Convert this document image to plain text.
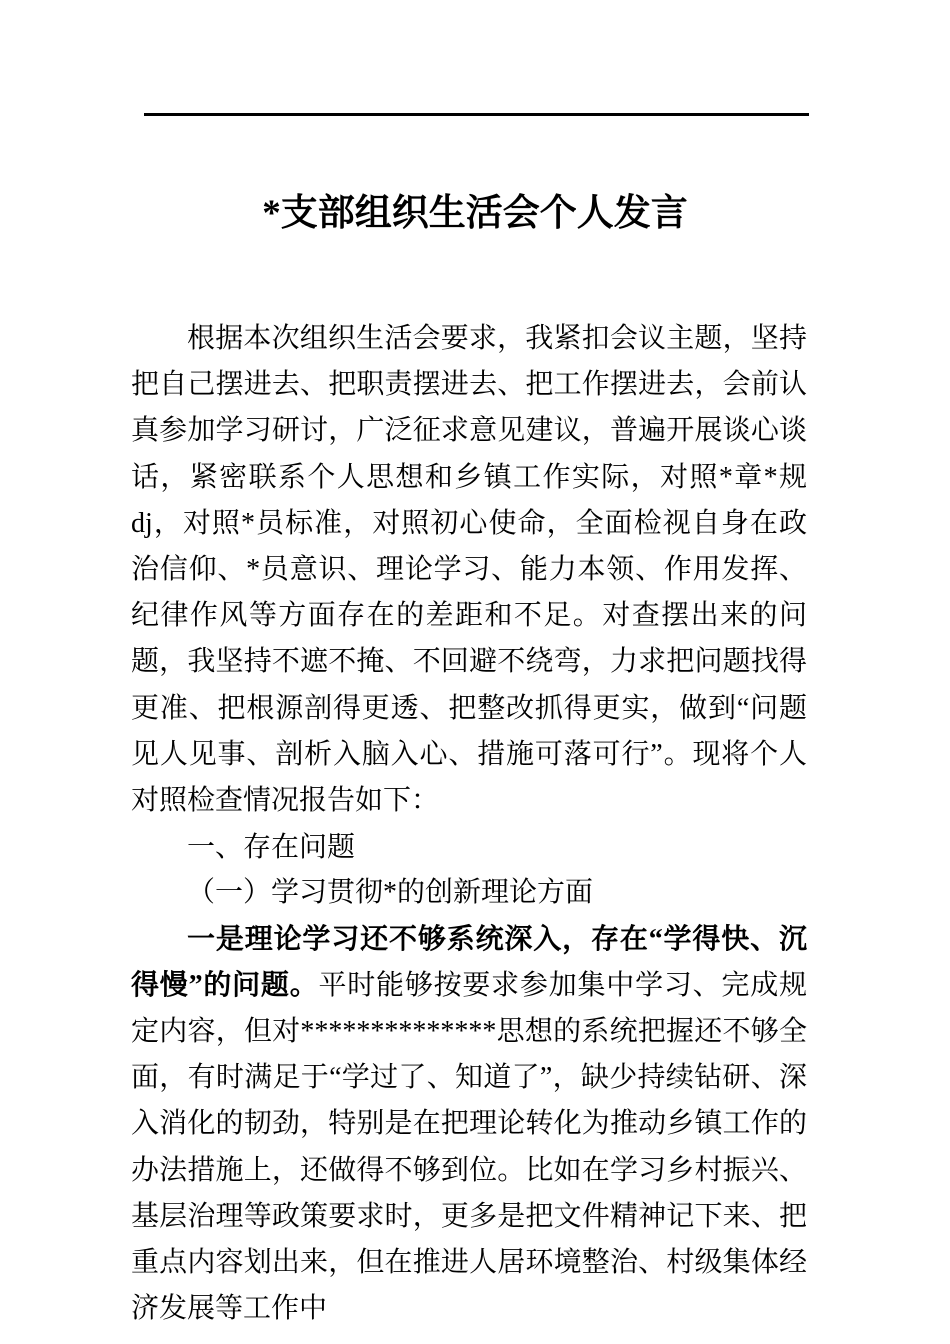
*支部组织生活会个人发言

根据本次组织生活会要求，我紧扣会议主题，坚持把自己摆进去、把职责摆进去、把工作摆进去，会前认真参加学习研讨，广泛征求意见建议，普遍开展谈心谈话，紧密联系个人思想和乡镇工作实际，对照*章*规dj，对照*员标准，对照初心使命，全面检视自身在政治信仰、*员意识、理论学习、能力本领、作用发挥、纪律作风等方面存在的差距和不足。对查摆出来的问题，我坚持不遮不掩、不回避不绕弯，力求把问题找得更准、把根源剖得更透、把整改抓得更实，做到“问题见人见事、剖析入脑入心、措施可落可行”。现将个人对照检查情况报告如下：

一、存在问题
（一）学习贯彻*的创新理论方面

一是理论学习还不够系统深入，存在“学得快、沉得慢”的问题。平时能够按要求参加集中学习、完成规定内容，但对**************思想的系统把握还不够全面，有时满足于“学过了、知道了”，缺少持续钻研、深入消化的韧劲，特别是在把理论转化为推动乡镇工作的办法措施上，还做得不够到位。比如在学习乡村振兴、基层治理等政策要求时，更多是把文件精神记下来、把重点内容划出来，但在推进人居环境整治、村级集体经济发展等工作中
